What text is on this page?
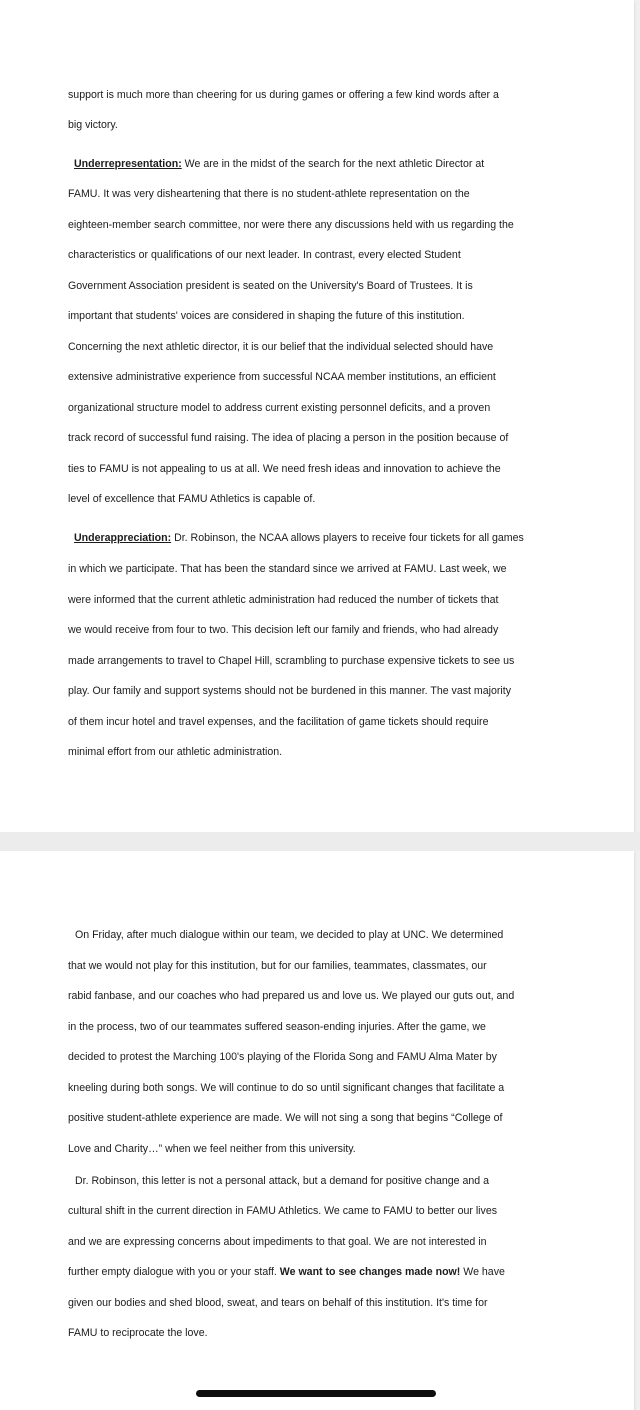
support is much more than cheering for us during games or offering a few kind words after a
big victory.
Underrepresentation: We are in the midst of the search for the next athletic Director at
FAMU. It was very disheartening that there is no student-athlete representation on the
eighteen-member search committee, nor were there any discussions held with us regarding the
characteristics or qualifications of our next leader. In contrast, every elected Student
Government Association president is seated on the University's Board of Trustees. It is
important that students' voices are considered in shaping the future of this institution.
Concerning the next athletic director, it is our belief that the individual selected should have
extensive administrative experience from successful NCAA member institutions, an efficient
organizational structure model to address current existing personnel deficits, and a proven
track record of successful fund raising. The idea of placing a person in the position because of
ties to FAMU is not appealing to us at all. We need fresh ideas and innovation to achieve the
level of excellence that FAMU Athletics is capable of.
Underappreciation: Dr. Robinson, the NCAA allows players to receive four tickets for all games
in which we participate. That has been the standard since we arrived at FAMU. Last week, we
were informed that the current athletic administration had reduced the number of tickets that
we would receive from four to two. This decision left our family and friends, who had already
made arrangements to travel to Chapel Hill, scrambling to purchase expensive tickets to see us
play. Our family and support systems should not be burdened in this manner. The vast majority
of them incur hotel and travel expenses, and the facilitation of game tickets should require
minimal effort from our athletic administration.
On Friday, after much dialogue within our team, we decided to play at UNC. We determined
that we would not play for this institution, but for our families, teammates, classmates, our
rabid fanbase, and our coaches who had prepared us and love us. We played our guts out, and
in the process, two of our teammates suffered season-ending injuries. After the game, we
decided to protest the Marching 100's playing of the Florida Song and FAMU Alma Mater by
kneeling during both songs. We will continue to do so until significant changes that facilitate a
positive student-athlete experience are made. We will not sing a song that begins “College of
Love and Charity…” when we feel neither from this university.
Dr. Robinson, this letter is not a personal attack, but a demand for positive change and a
cultural shift in the current direction in FAMU Athletics. We came to FAMU to better our lives
and we are expressing concerns about impediments to that goal. We are not interested in
further empty dialogue with you or your staff. We want to see changes made now! We have
given our bodies and shed blood, sweat, and tears on behalf of this institution. It's time for
FAMU to reciprocate the love.
